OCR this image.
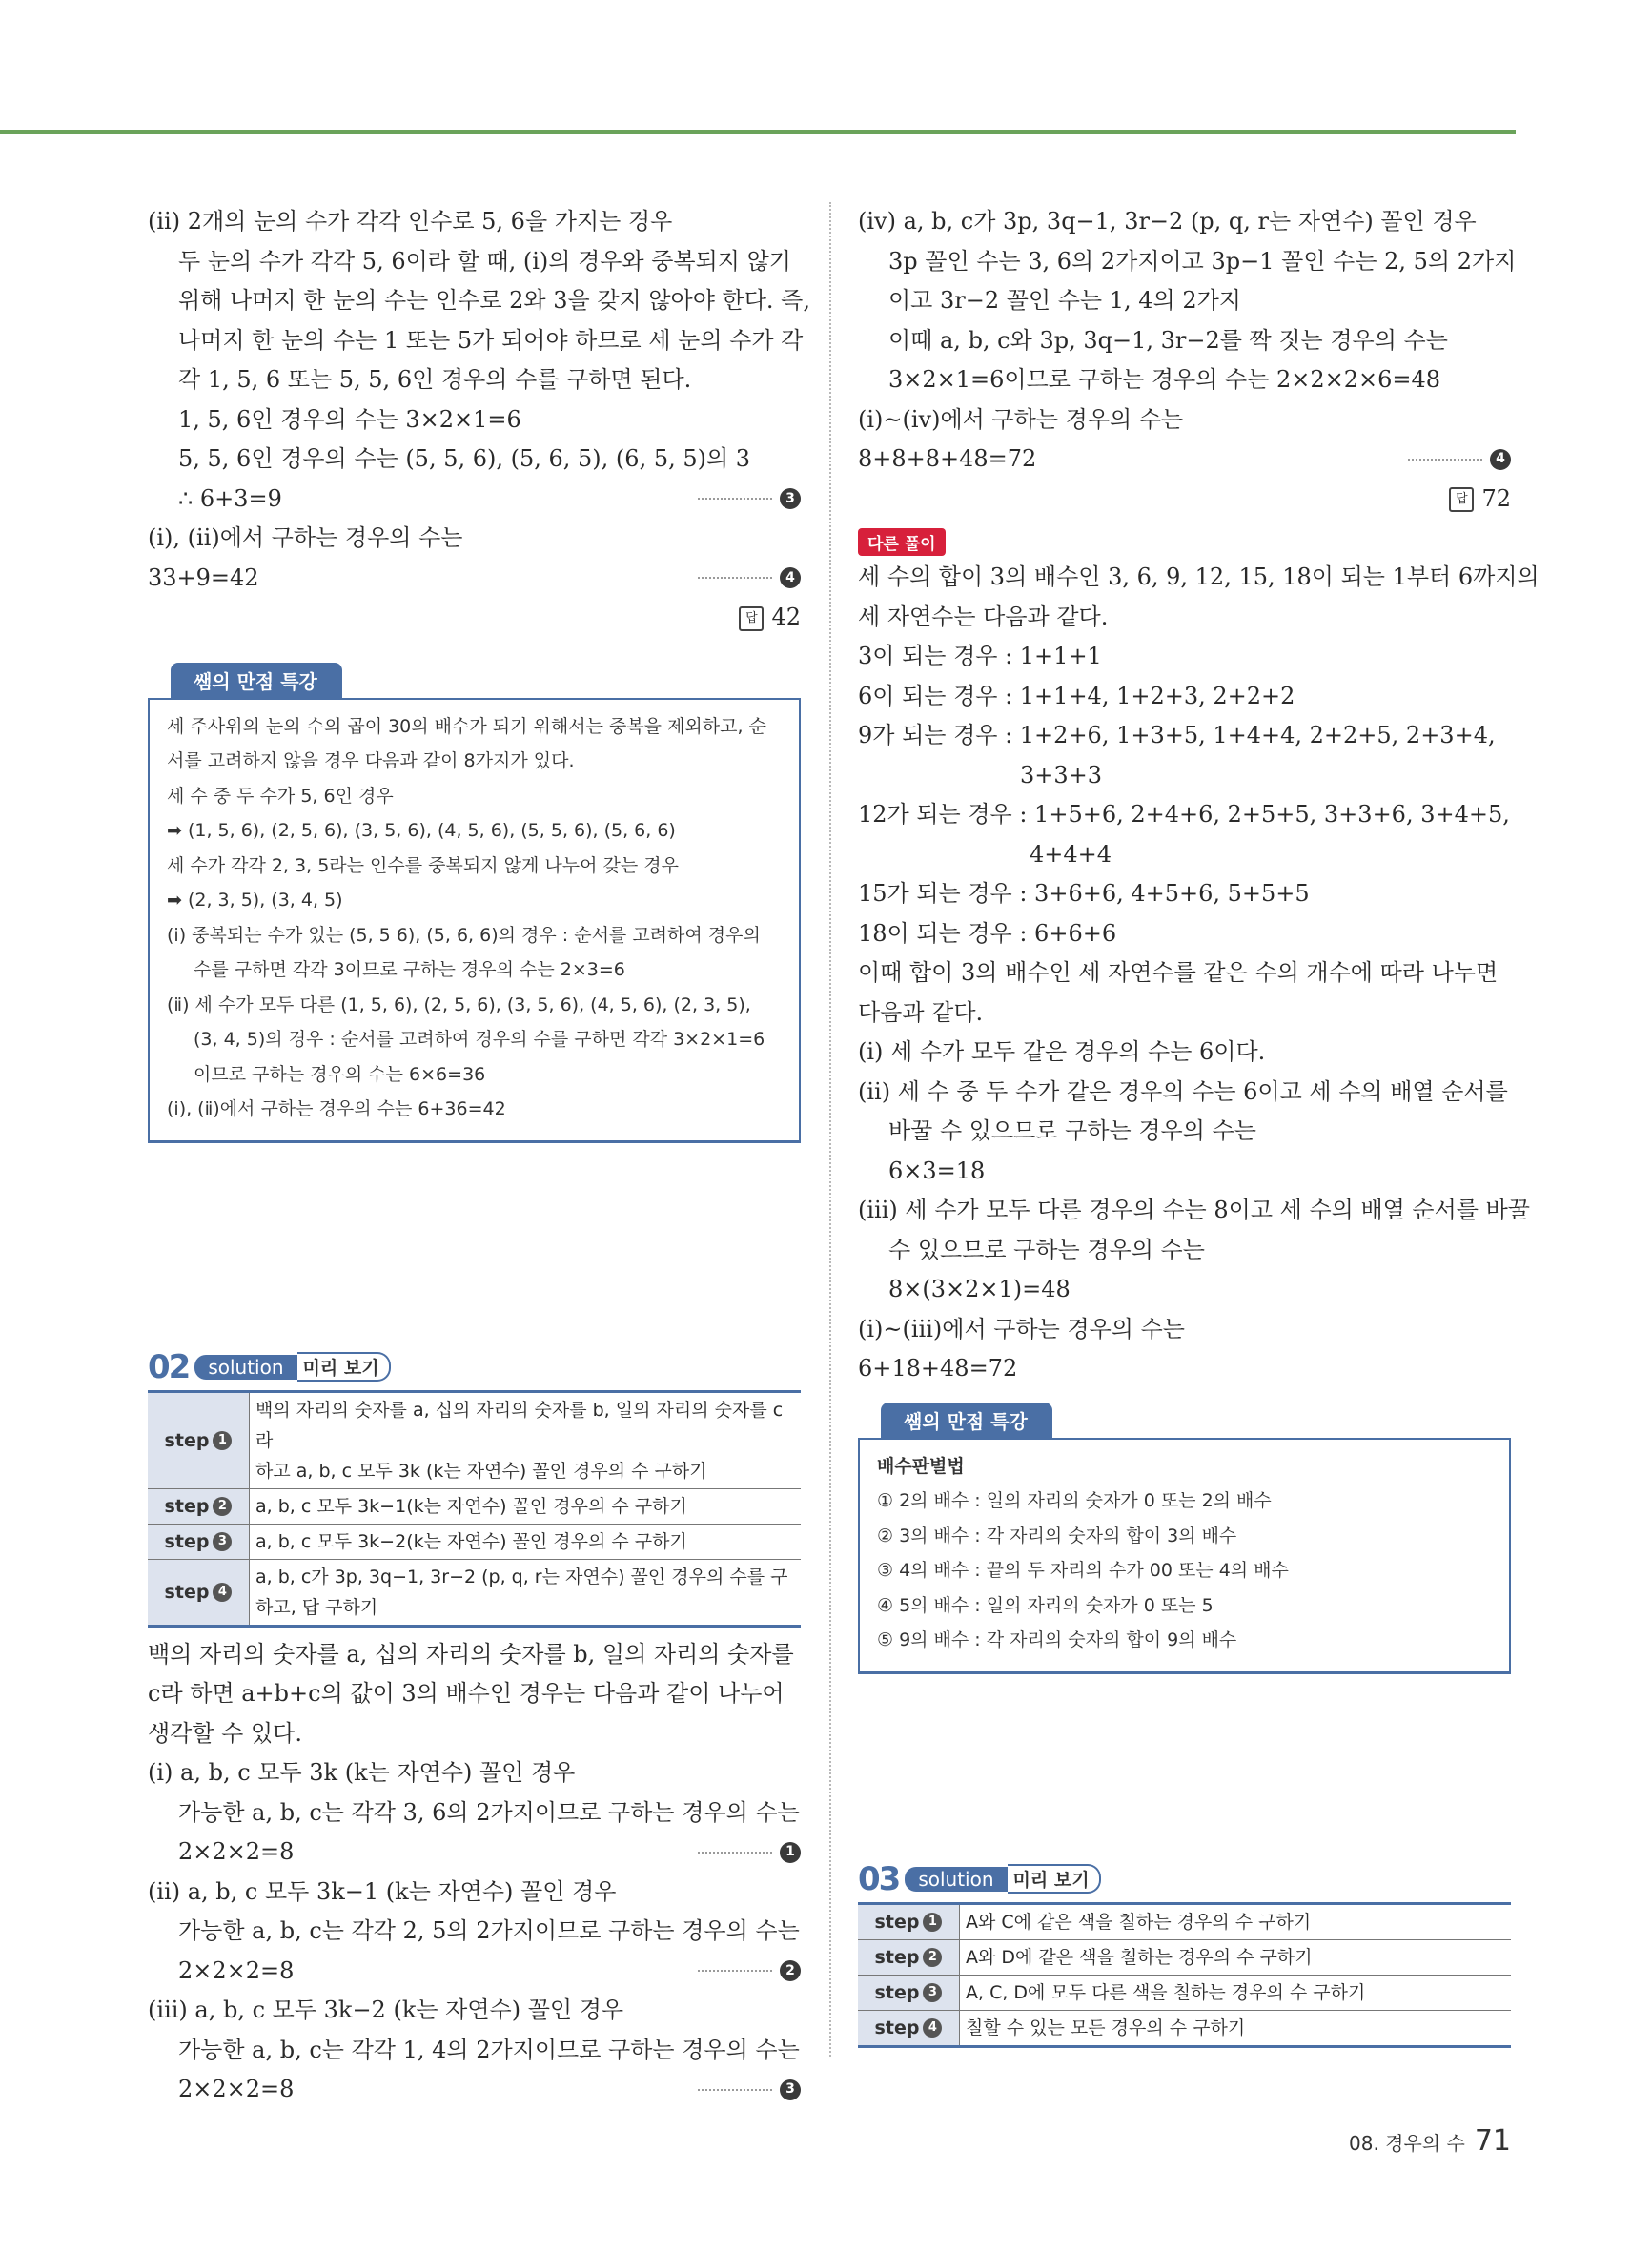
(ⅱ) 2개의 눈의 수가 각각 인수로 5, 6을 가지는 경우
두 눈의 수가 각각 5, 6이라 할 때, (ⅰ)의 경우와 중복되지 않기
위해 나머지 한 눈의 수는 인수로 2와 3을 갖지 않아야 한다. 즉,
나머지 한 눈의 수는 1 또는 5가 되어야 하므로 세 눈의 수가 각
각 1, 5, 6 또는 5, 5, 6인 경우의 수를 구하면 된다.
1, 5, 6인 경우의 수는 3×2×1=6
5, 5, 6인 경우의 수는 (5, 5, 6), (5, 6, 5), (6, 5, 5)의 3
∴ 6+3=9	3
(ⅰ), (ⅱ)에서 구하는 경우의 수는
33+9=42	4
답 42
쌤의 만점 특강
세 주사위의 눈의 수의 곱이 30의 배수가 되기 위해서는 중복을 제외하고, 순
서를 고려하지 않을 경우 다음과 같이 8가지가 있다.
세 수 중 두 수가 5, 6인 경우
➡ (1, 5, 6), (2, 5, 6), (3, 5, 6), (4, 5, 6), (5, 5, 6), (5, 6, 6)
세 수가 각각 2, 3, 5라는 인수를 중복되지 않게 나누어 갖는 경우
➡ (2, 3, 5), (3, 4, 5)
(ⅰ) 중복되는 수가 있는 (5, 5 6), (5, 6, 6)의 경우 : 순서를 고려하여 경우의
수를 구하면 각각 3이므로 구하는 경우의 수는 2×3=6
(ⅱ) 세 수가 모두 다른 (1, 5, 6), (2, 5, 6), (3, 5, 6), (4, 5, 6), (2, 3, 5),
(3, 4, 5)의 경우 : 순서를 고려하여 경우의 수를 구하면 각각 3×2×1=6
이므로 구하는 경우의 수는 6×6=36
(ⅰ), (ⅱ)에서 구하는 경우의 수는 6+36=42
02	solution	미리 보기
step 1	백의 자리의 숫자를 a, 십의 자리의 숫자를 b, 일의 자리의 숫자를 c라
하고 a, b, c 모두 3k (k는 자연수) 꼴인 경우의 수 구하기

step 2	a, b, c 모두 3k−1(k는 자연수) 꼴인 경우의 수 구하기
step 3	a, b, c 모두 3k−2(k는 자연수) 꼴인 경우의 수 구하기
step 4	a, b, c가 3p, 3q−1, 3r−2 (p, q, r는 자연수) 꼴인 경우의 수를 구
하고, 답 구하기
백의 자리의 숫자를 a, 십의 자리의 숫자를 b, 일의 자리의 숫자를
c라 하면 a+b+c의 값이 3의 배수인 경우는 다음과 같이 나누어
생각할 수 있다.
(ⅰ) a, b, c 모두 3k (k는 자연수) 꼴인 경우
가능한 a, b, c는 각각 3, 6의 2가지이므로 구하는 경우의 수는
2×2×2=8	1
(ⅱ) a, b, c 모두 3k−1 (k는 자연수) 꼴인 경우
가능한 a, b, c는 각각 2, 5의 2가지이므로 구하는 경우의 수는
2×2×2=8	2
(ⅲ) a, b, c 모두 3k−2 (k는 자연수) 꼴인 경우
가능한 a, b, c는 각각 1, 4의 2가지이므로 구하는 경우의 수는
2×2×2=8	3
(ⅳ) a, b, c가 3p, 3q−1, 3r−2 (p, q, r는 자연수) 꼴인 경우
3p 꼴인 수는 3, 6의 2가지이고 3p−1 꼴인 수는 2, 5의 2가지
이고 3r−2 꼴인 수는 1, 4의 2가지
이때 a, b, c와 3p, 3q−1, 3r−2를 짝 짓는 경우의 수는
3×2×1=6이므로 구하는 경우의 수는 2×2×2×6=48
(ⅰ)~(ⅳ)에서 구하는 경우의 수는
8+8+8+48=72	4
답 72
다른 풀이
세 수의 합이 3의 배수인 3, 6, 9, 12, 15, 18이 되는 1부터 6까지의
세 자연수는 다음과 같다.
3이 되는 경우 : 1+1+1
6이 되는 경우 : 1+1+4, 1+2+3, 2+2+2
9가 되는 경우 : 1+2+6, 1+3+5, 1+4+4, 2+2+5, 2+3+4,
3+3+3
12가 되는 경우 : 1+5+6, 2+4+6, 2+5+5, 3+3+6, 3+4+5,
4+4+4
15가 되는 경우 : 3+6+6, 4+5+6, 5+5+5
18이 되는 경우 : 6+6+6
이때 합이 3의 배수인 세 자연수를 같은 수의 개수에 따라 나누면
다음과 같다.
(ⅰ) 세 수가 모두 같은 경우의 수는 6이다.
(ⅱ) 세 수 중 두 수가 같은 경우의 수는 6이고 세 수의 배열 순서를
바꿀 수 있으므로 구하는 경우의 수는
6×3=18
(ⅲ) 세 수가 모두 다른 경우의 수는 8이고 세 수의 배열 순서를 바꿀
수 있으므로 구하는 경우의 수는
8×(3×2×1)=48
(ⅰ)~(ⅲ)에서 구하는 경우의 수는
6+18+48=72
쌤의 만점 특강
배수판별법
① 2의 배수 : 일의 자리의 숫자가 0 또는 2의 배수
② 3의 배수 : 각 자리의 숫자의 합이 3의 배수
③ 4의 배수 : 끝의 두 자리의 수가 00 또는 4의 배수
④ 5의 배수 : 일의 자리의 숫자가 0 또는 5
⑤ 9의 배수 : 각 자리의 숫자의 합이 9의 배수
03	solution	미리 보기
step 1	A와 C에 같은 색을 칠하는 경우의 수 구하기
step 2	A와 D에 같은 색을 칠하는 경우의 수 구하기
step 3	A, C, D에 모두 다른 색을 칠하는 경우의 수 구하기
step 4	칠할 수 있는 모든 경우의 수 구하기
08. 경우의 수 71
